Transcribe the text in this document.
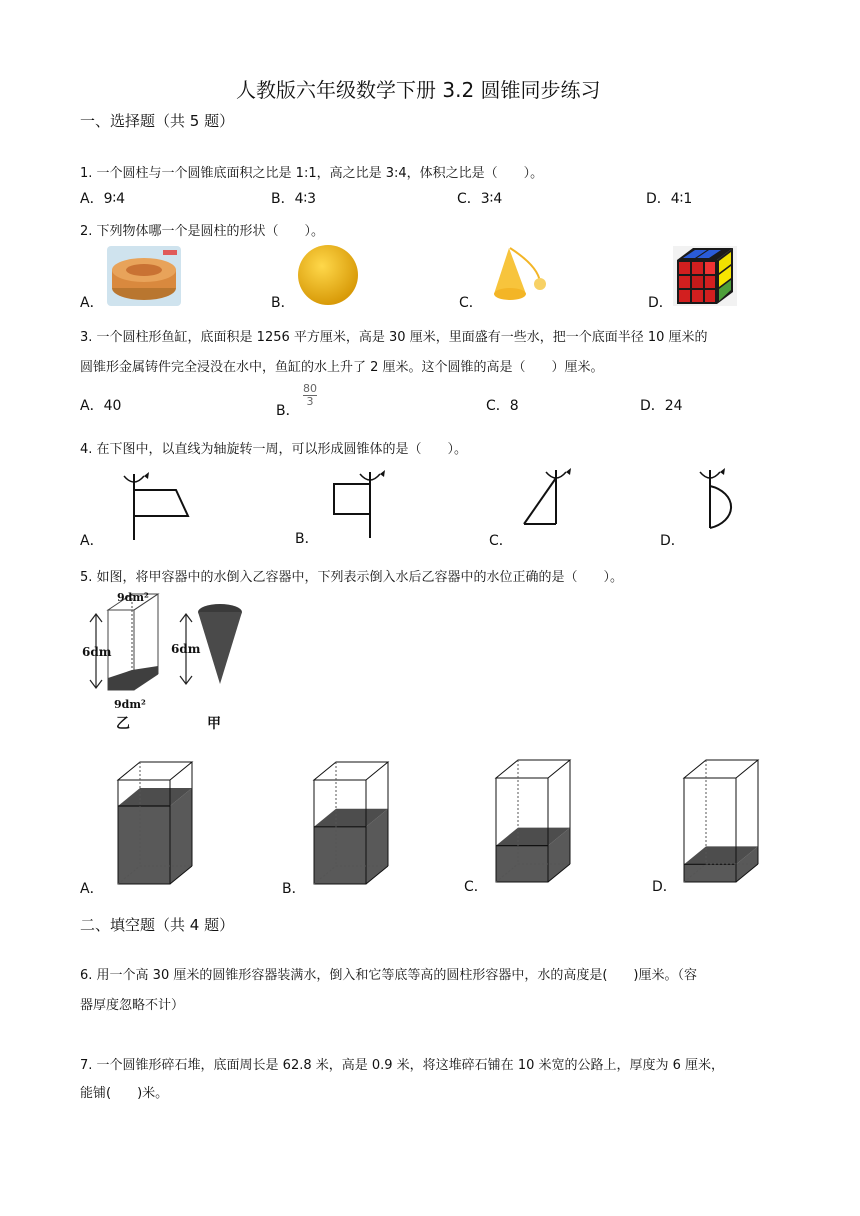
人教版六年级数学下册 3.2 圆锥同步练习
一、选择题（共 5 题）
1. 一个圆柱与一个圆锥底面积之比是 1:1，高之比是 3:4，体积之比是（　　）。
A．9∶4	B．4∶3	C．3∶4	D．4∶1
2. 下列物体哪一个是圆柱的形状（　　）。
A．	B．	C．	D．
3. 一个圆柱形鱼缸，底面积是 1256 平方厘米，高是 30 厘米，里面盛有一些水，把一个底面半径 10 厘米的
圆锥形金属铸件完全浸没在水中，鱼缸的水上升了 2 厘米。这个圆锥的高是（　　）厘米。
A．40	B．
80
3	C．8	D．24
4. 在下图中，以直线为轴旋转一周，可以形成圆锥体的是（　　）。
A．	B．	C．	D．
5. 如图，将甲容器中的水倒入乙容器中，下列表示倒入水后乙容器中的水位正确的是（　　）。
9dm²
6dm	6dm
9dm²
乙	甲
A．	B．	C．	D．
二、填空题（共 4 题）
6. 用一个高 30 厘米的圆锥形容器装满水，倒入和它等底等高的圆柱形容器中，水的高度是(　　)厘米。（容
器厚度忽略不计）
7. 一个圆锥形碎石堆，底面周长是 62.8 米，高是 0.9 米，将这堆碎石铺在 10 米宽的公路上，厚度为 6 厘米，
能铺(　　)米。
